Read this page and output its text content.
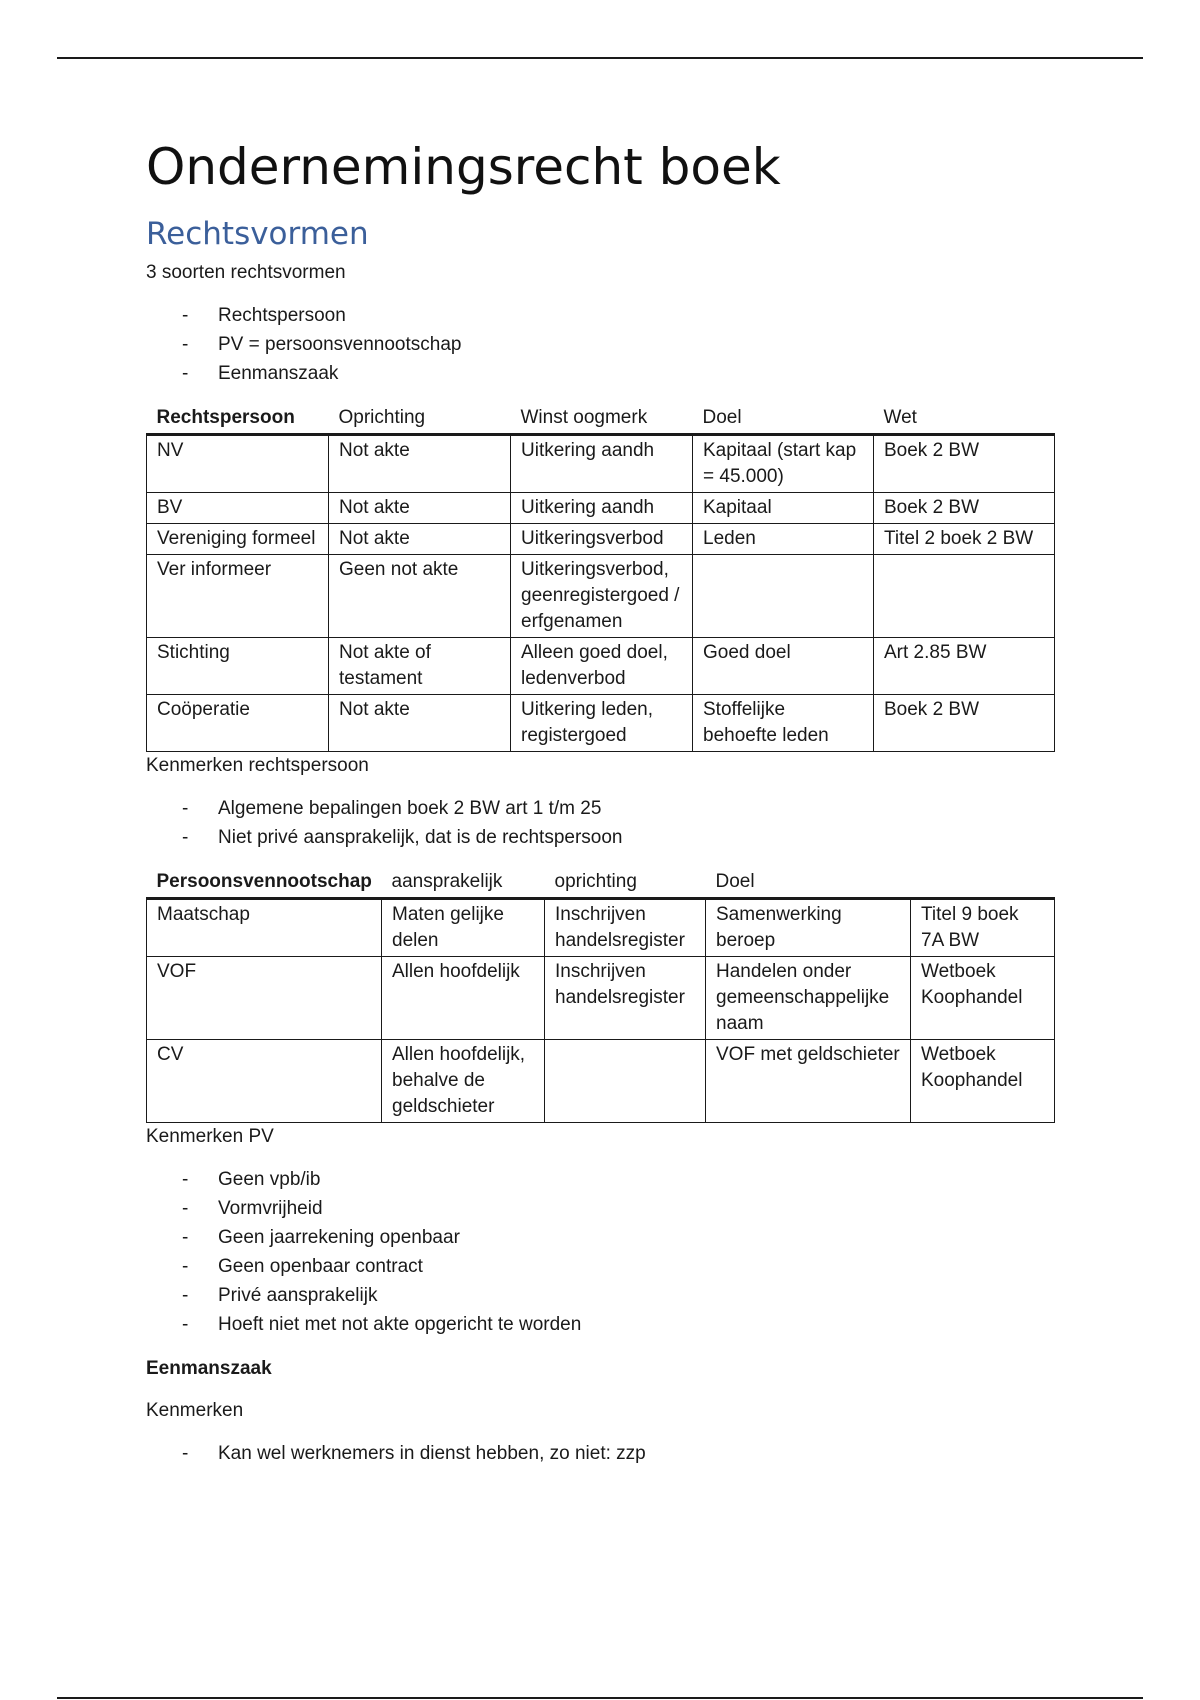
Ondernemingsrecht boek
Rechtsvormen

3 soorten rechtsvormen

- Rechtspersoon
- PV = persoonsvennootschap
- Eenmanszaak
Rechtspersoon	Oprichting	Winst oogmerk	Doel	Wet
NV	Not akte	Uitkering aandh	Kapitaal (start kap = 45.000)	Boek 2 BW
BV	Not akte	Uitkering aandh	Kapitaal	Boek 2 BW
Vereniging formeel	Not akte	Uitkeringsverbod	Leden	Titel 2 boek 2 BW
Ver informeer	Geen not akte	Uitkeringsverbod, geenregistergoed / erfgenamen		
Stichting	Not akte of testament	Alleen goed doel, ledenverbod	Goed doel	Art 2.85 BW
Coöperatie	Not akte	Uitkering leden, registergoed	Stoffelijke behoefte leden	Boek 2 BW

Kenmerken rechtspersoon

- Algemene bepalingen boek 2 BW art 1 t/m 25
- Niet privé aansprakelijk, dat is de rechtspersoon
Persoonsvennootschap	aansprakelijk	oprichting	Doel	
Maatschap	Maten gelijke delen	Inschrijven handelsregister	Samenwerking beroep	Titel 9 boek 7A BW
VOF	Allen hoofdelijk	Inschrijven handelsregister	Handelen onder gemeenschappelijke naam	Wetboek Koophandel
CV	Allen hoofdelijk, behalve de geldschieter		VOF met geldschieter	Wetboek Koophandel

Kenmerken PV

- Geen vpb/ib
- Vormvrijheid
- Geen jaarrekening openbaar
- Geen openbaar contract
- Privé aansprakelijk
- Hoeft niet met not akte opgericht te worden

Eenmanszaak

Kenmerken

- Kan wel werknemers in dienst hebben, zo niet: zzp
